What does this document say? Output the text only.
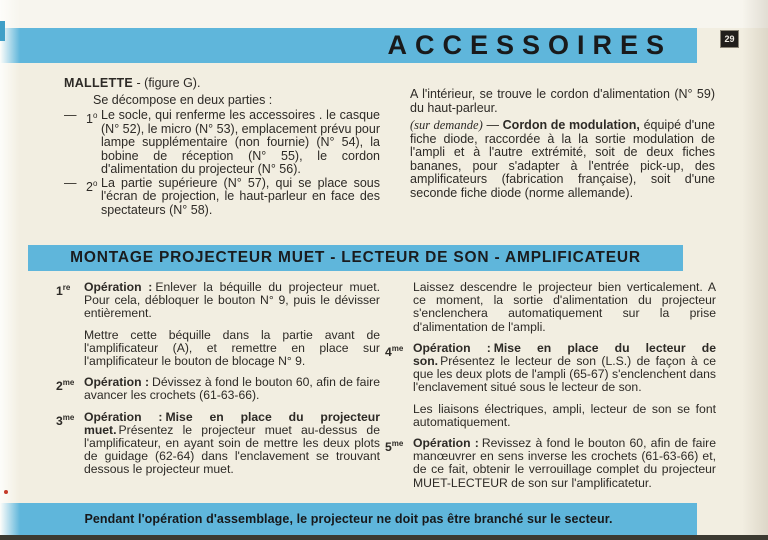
ACCESSOIRES	29
MALLETTE - (figure G).
Se décompose en deux parties :
— 1$^o$ Le socle, qui renferme les accessoires . le casque (N° 52), le micro (N° 53), emplacement prévu pour lampe supplémentaire (non fournie) (N° 54), la bobine de réception (N° 55), le cordon d'alimentation du projecteur (N° 56).
— 2$^o$ La partie supérieure (N° 57), qui se place sous l'écran de projection, le haut-parleur en face des spectateurs (N° 58).

A l'intérieur, se trouve le cordon d'alimentation (N° 59) du haut-parleur.

(sur demande) — Cordon de modulation, équipé d'une fiche diode, raccordée à la la sortie modulation de l'ampli et à l'autre extrémité, soit de deux fiches bananes, pour s'adapter à l'entrée pick-up, des amplificateurs (fabrication française), soit d'une seconde fiche diode (norme allemande).

MONTAGE PROJECTEUR MUET - LECTEUR DE SON - AMPLIFICATEUR
1re	Opération : Enlever la béquille du projecteur muet. Pour cela, débloquer le bouton N° 9, puis le dévisser entièrement.

Mettre cette béquille dans la partie avant de l'amplificateur (A), et remettre en place sur l'amplificateur le bouton de blocage N° 9.

$2^{me}$ Opération : Dévissez à fond le bouton 60, afin de faire avancer les crochets (61-63-66).

$3^{me}$ Opération : Mise en place du projecteur muet. Présentez le projecteur muet au-dessus de l'amplificateur, en ayant soin de mettre les deux plots de guidage (62-64) dans l'enclavement se trouvant dessous le projecteur muet.

Laissez descendre le projecteur bien verticalement. A ce moment, la sortie d'alimentation du projecteur s'enclenchera automatiquement sur la prise d'alimentation de l'ampli.

$4^{me}$ Opération : Mise en place du lecteur de son. Présentez le lecteur de son (L.S.) de façon à ce que les deux plots de l'ampli (65-67) s'enclenchent dans l'enclavement situé sous le lecteur de son.

Les liaisons électriques, ampli, lecteur de son se font automatiquement.

$5^{me}$ Opération : Revissez à fond le bouton 60, afin de faire manœuvrer en sens inverse les crochets (61-63-66) et, de ce fait, obtenir le verrouillage complet du projecteur MUET-LECTEUR de son sur l'amplificatetur.

Pendant l'opération d'assemblage, le projecteur ne doit pas être branché sur le secteur.
